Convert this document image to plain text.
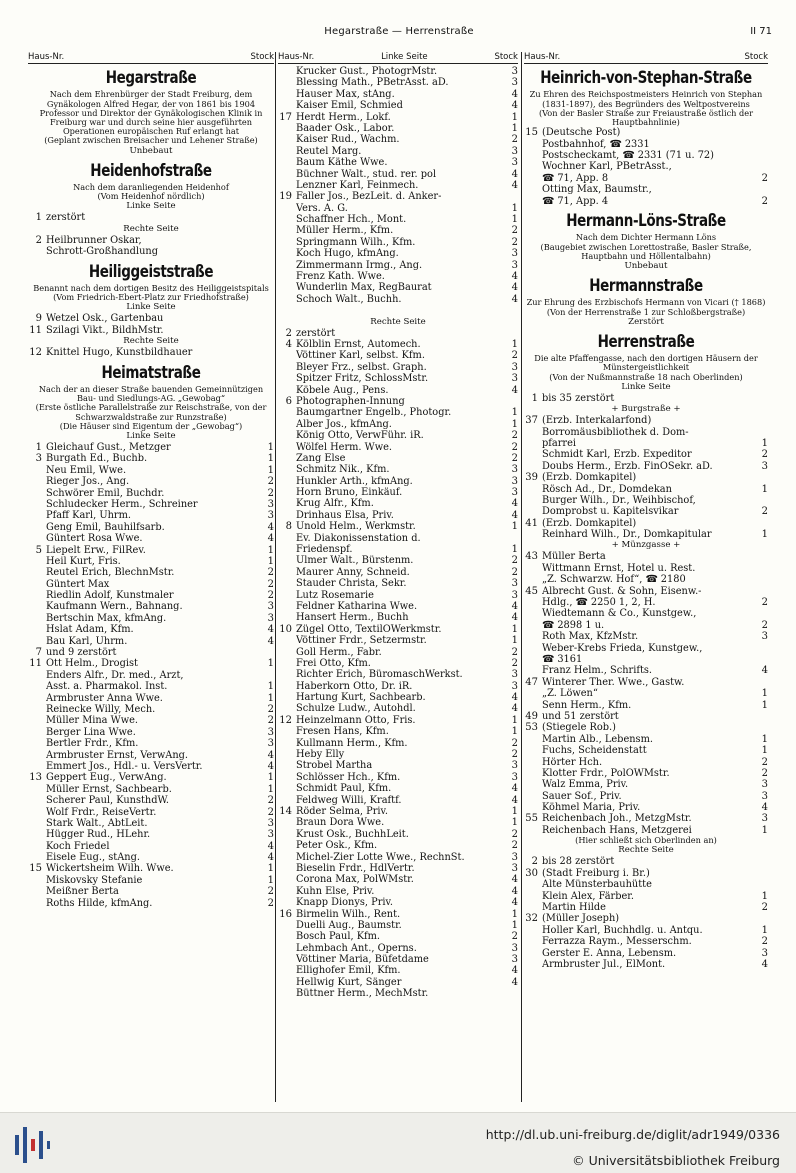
Hegarstraße — Herrenstraße	II 71
Haus-Nr.	Stock
Hegarstraße
Nach dem Ehrenbürger der Stadt Freiburg, dem Gynäkologen Alfred Hegar, der von 1861 bis 1904 Professor und Direktor der Gynäkologischen Klinik in Freiburg war und durch seine hier ausgeführten Operationen europäischen Ruf erlangt hat
(Geplant zwischen Breisacher und Lehener Straße)
Unbebaut
Heidenhofstraße
Nach dem daranliegenden Heidenhof
(Vom Heidenhof nördlich)
Linke Seite
1 zerstört
Rechte Seite
2 Heilbrunner Oskar,
Schrott-Großhandlung
Heiliggeiststraße
Benannt nach dem dortigen Besitz des Heiliggeistspitals
(Vom Friedrich-Ebert-Platz zur Friedhofstraße)
Linke Seite
9 Wetzel Osk., Gartenbau
11 Szilagi Vikt., BildhMstr.
Rechte Seite
12 Knittel Hugo, Kunstbildhauer
Heimatstraße
Nach der an dieser Straße bauenden Gemeinnützigen Bau- und Siedlungs-AG. „Gewobag“
(Erste östliche Parallelstraße zur Reischstraße, von der Schwarzwaldstraße zur Runzstraße)
(Die Häuser sind Eigentum der „Gewobag“)
Linke Seite
1 Gleichauf Gust., Metzger	1
3 Burgath Ed., Buchb.	1
Neu Emil, Wwe.	1
Rieger Jos., Ang.	2
Schwörer Emil, Buchdr.	2
Schludecker Herm., Schreiner	3
Pfaff Karl, Uhrm.	3
Geng Emil, Bauhilfsarb.	4
Güntert Rosa Wwe.	4
5 Liepelt Erw., FilRev.	1
Heil Kurt, Fris.	1
Reutel Erich, BlechnMstr.	2
Güntert Max	2
Riedlin Adolf, Kunstmaler	2
Kaufmann Wern., Bahnang.	3
Bertschin Max, kfmAng.	3
Hslat Adam, Kfm.	4
Bau Karl, Uhrm.	4
7 und 9 zerstört
11 Ott Helm., Drogist	1
Enders Alfr., Dr. med., Arzt,
Asst. a. Pharmakol. Inst.	1
Armbruster Anna Wwe.	1
Reinecke Willy, Mech.	2
Müller Mina Wwe.	2
Berger Lina Wwe.	3
Bertler Frdr., Kfm.	3
Armbruster Ernst, VerwAng.	4
Emmert Jos., Hdl.- u. VersVertr.	4
13 Geppert Eug., VerwAng.	1
Müller Ernst, Sachbearb.	1
Scherer Paul, KunsthdW.	2
Wolf Frdr., ReiseVertr.	2
Stark Walt., AbtLeit.	3
Hügger Rud., HLehr.	3
Koch Friedel	4
Eisele Eug., stAng.	4
15 Wickertsheim Wilh. Wwe.	1
Miskovsky Stefanie	1
Meißner Berta	2
Roths Hilde, kfmAng.	2
Haus-Nr.	Linke Seite	Stock
Krucker Gust., PhotogrMstr.	3
Blessing Math., PBetrAsst. aD.	3
Hauser Max, stAng.	4
Kaiser Emil, Schmied	4
17 Herdt Herm., Lokf.	1
Baader Osk., Labor.	1
Kaiser Rud., Wachm.	2
Reutel Marg.	3
Baum Käthe Wwe.	3
Büchner Walt., stud. rer. pol	4
Lenzner Karl, Feinmech.	4
19 Faller Jos., BezLeit. d. Anker-
Vers. A. G.	1
Schaffner Hch., Mont.	1
Müller Herm., Kfm.	2
Springmann Wilh., Kfm.	2
Koch Hugo, kfmAng.	3
Zimmermann Irmg., Ang.	3
Frenz Kath. Wwe.	4
Wunderlin Max, RegBaurat	4
Schoch Walt., Buchh.	4
Rechte Seite
2 zerstört
4 Kölblin Ernst, Automech.	1
Vöttiner Karl, selbst. Kfm.	2
Bleyer Frz., selbst. Graph.	3
Spitzer Fritz, SchlossMstr.	3
Köbele Aug., Pens.	4
6 Photographen-Innung
Baumgartner Engelb., Photogr.	1
Alber Jos., kfmAng.	1
König Otto, VerwFühr. iR.	2
Wölfel Herm. Wwe.	2
Zang Else	2
Schmitz Nik., Kfm.	3
Hunkler Arth., kfmAng.	3
Horn Bruno, Einkäuf.	3
Krug Alfr., Kfm.	4
Drinhaus Elsa, Priv.	4
8 Unold Helm., Werkmstr.	1
Ev. Diakonissenstation d.
Friedenspf.	1
Ulmer Walt., Bürstenm.	2
Maurer Anny, Schneid.	2
Stauder Christa, Sekr.	3
Lutz Rosemarie	3
Feldner Katharina Wwe.	4
Hansert Herm., Buchh	4
10 Zügel Otto, TextilOWerkmstr.	1
Vöttiner Frdr., Setzermstr.	1
Goll Herm., Fabr.	2
Frei Otto, Kfm.	2
Richter Erich, BüromaschWerkst.	3
Haberkorn Otto, Dr. iR.	3
Hartung Kurt, Sachbearb.	4
Schulze Ludw., Autohdl.	4
12 Heinzelmann Otto, Fris.	1
Fresen Hans, Kfm.	1
Kullmann Herm., Kfm.	2
Heby Elly	2
Strobel Martha	3
Schlösser Hch., Kfm.	3
Schmidt Paul, Kfm.	4
Feldweg Willi, Kraftf.	4
14 Röder Selma, Priv.	1
Braun Dora Wwe.	1
Krust Osk., BuchhLeit.	2
Peter Osk., Kfm.	2
Michel-Zier Lotte Wwe., RechnSt.	3
Bieselin Frdr., HdlVertr.	3
Corona Max, PolWMstr.	4
Kuhn Else, Priv.	4
Knapp Dionys, Priv.	4
16 Birmelin Wilh., Rent.	1
Duelli Aug., Baumstr.	1
Bosch Paul, Kfm.	2
Lehmbach Ant., Operns.	3
Vöttiner Maria, Büfetdame	3
Ellighofer Emil, Kfm.	4
Hellwig Kurt, Sänger	4
Büttner Herm., MechMstr.
Haus-Nr.	Stock
Heinrich-von-Stephan-Straße
Zu Ehren des Reichspostmeisters Heinrich von Stephan (1831-1897), des Begründers des Weltpostvereins
(Von der Basler Straße zur Freiaustraße östlich der Hauptbahnlinie)
15 (Deutsche Post)
Postbahnhof, ☎ 2331
Postscheckamt, ☎ 2331 (71 u. 72)
Wochner Karl, PBetrAsst.,
☎ 71, App. 8	2
Otting Max, Baumstr.,
☎ 71, App. 4	2
Hermann-Löns-Straße
Nach dem Dichter Hermann Löns
(Baugebiet zwischen Lorettostraße, Basler Straße, Hauptbahn und Höllentalbahn)
Unbebaut
Hermannstraße
Zur Ehrung des Erzbischofs Hermann von Vicari († 1868)
(Von der Herrenstraße 1 zur Schloßbergstraße)
Zerstört
Herrenstraße
Die alte Pfaffengasse, nach den dortigen Häusern der Münstergeistlichkeit
(Von der Nußmannstraße 18 nach Oberlinden)
Linke Seite
1 bis 35 zerstört
+ Burgstraße +
37 (Erzb. Interkalarfond)
Borromäusbibliothek d. Dom-
pfarrei	1
Schmidt Karl, Erzb. Expeditor	2
Doubs Herm., Erzb. FinOSekr. aD.	3
39 (Erzb. Domkapitel)
Rösch Ad., Dr., Domdekan	1
Burger Wilh., Dr., Weihbischof,
Domprobst u. Kapitelsvikar	2
41 (Erzb. Domkapitel)
Reinhard Wilh., Dr., Domkapitular	1
+ Münzgasse +
43 Müller Berta
Wittmann Ernst, Hotel u. Rest.
„Z. Schwarzw. Hof“, ☎ 2180
45 Albrecht Gust. & Sohn, Eisenw.-
Hdlg., ☎ 2250 1, 2, H.	2
Wiedtemann & Co., Kunstgew.,
☎ 2898 1 u.	2
Roth Max, KfzMstr.	3
Weber-Krebs Frieda, Kunstgew.,
☎ 3161
Franz Helm., Schrifts.	4
47 Winterer Ther. Wwe., Gastw.
„Z. Löwen“	1
Senn Herm., Kfm.	1
49 und 51 zerstört
53 (Stiegele Rob.)
Martin Alb., Lebensm.	1
Fuchs, Scheidenstatt	1
Hörter Hch.	2
Klotter Frdr., PolOWMstr.	2
Walz Emma, Priv.	3
Sauer Sof., Priv.	3
Köhmel Maria, Priv.	4
55 Reichenbach Joh., MetzgMstr.	3
Reichenbach Hans, Metzgerei	1
(Hier schließt sich Oberlinden an)
Rechte Seite
2 bis 28 zerstört
30 (Stadt Freiburg i. Br.)
Alte Münsterbauhütte
Klein Alex, Färber.	1
Martin Hilde	2
32 (Müller Joseph)
Holler Karl, Buchhdlg. u. Antqu.	1
Ferrazza Raym., Messerschm.	2
Gerster E. Anna, Lebensm.	3
Armbruster Jul., ElMont.	4
http://dl.ub.uni-freiburg.de/diglit/adr1949/0336
© Universitätsbibliothek Freiburg
